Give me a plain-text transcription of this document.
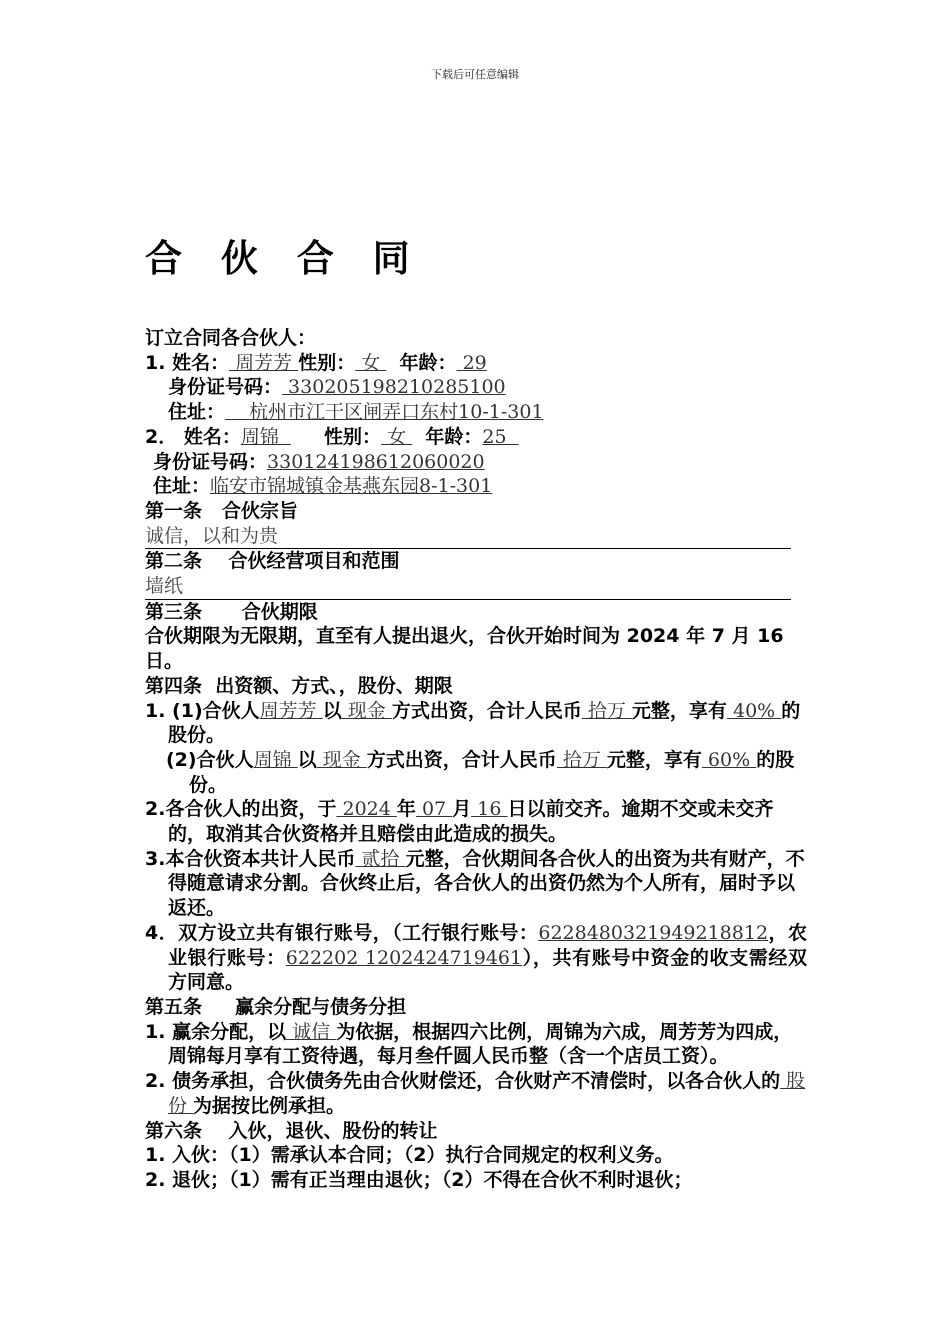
下载后可任意编辑
合 伙 合 同
订立合同各合伙人：
1. 姓名： 周芳芳 性别： 女   年龄： 29
身份证号码： 330205198210285100
住址：    杭州市江干区闸弄口东村10-1-301
2． 姓名：周锦       性别： 女   年龄：25
身份证号码：330124198612060020
住址：临安市锦城镇金基燕东园8-1-301
第一条   合伙宗旨
诚信，以和为贵
第二条    合伙经营项目和范围
墙纸
第三条      合伙期限
合伙期限为无限期，直至有人提出退火，合伙开始时间为 2024 年 7 月 16 日。
第四条  出资额、方式、，股份、期限
1. (1)合伙人周芳芳 以 现金 方式出资，合计人民币 拾万 元整，享有 40% 的股份。
(2)合伙人周锦 以 现金 方式出资，合计人民币 拾万 元整，享有 60% 的股份。
2.各合伙人的出资，于 2024 年 07 月 16 日以前交齐。逾期不交或未交齐的，取消其合伙资格并且赔偿由此造成的损失。
3.本合伙资本共计人民币 贰拾 元整，合伙期间各合伙人的出资为共有财产，不得随意请求分割。合伙终止后，各合伙人的出资仍然为个人所有，届时予以返还。
4．双方设立共有银行账号，（工行银行账号：6228480321949218812，农业银行账号：622202 1202424719461），共有账号中资金的收支需经双方同意。
第五条     赢余分配与债务分担
1. 赢余分配，以 诚信 为依据，根据四六比例，周锦为六成，周芳芳为四成，周锦每月享有工资待遇，每月叁仟圆人民币整（含一个店员工资）。
2. 债务承担，合伙债务先由合伙财偿还，合伙财产不清偿时，以各合伙人的 股份 为据按比例承担。
第六条    入伙，退伙、股份的转让
1. 入伙：（1）需承认本合同；（2）执行合同规定的权利义务。
2. 退伙；（1）需有正当理由退伙；（2）不得在合伙不利时退伙；
